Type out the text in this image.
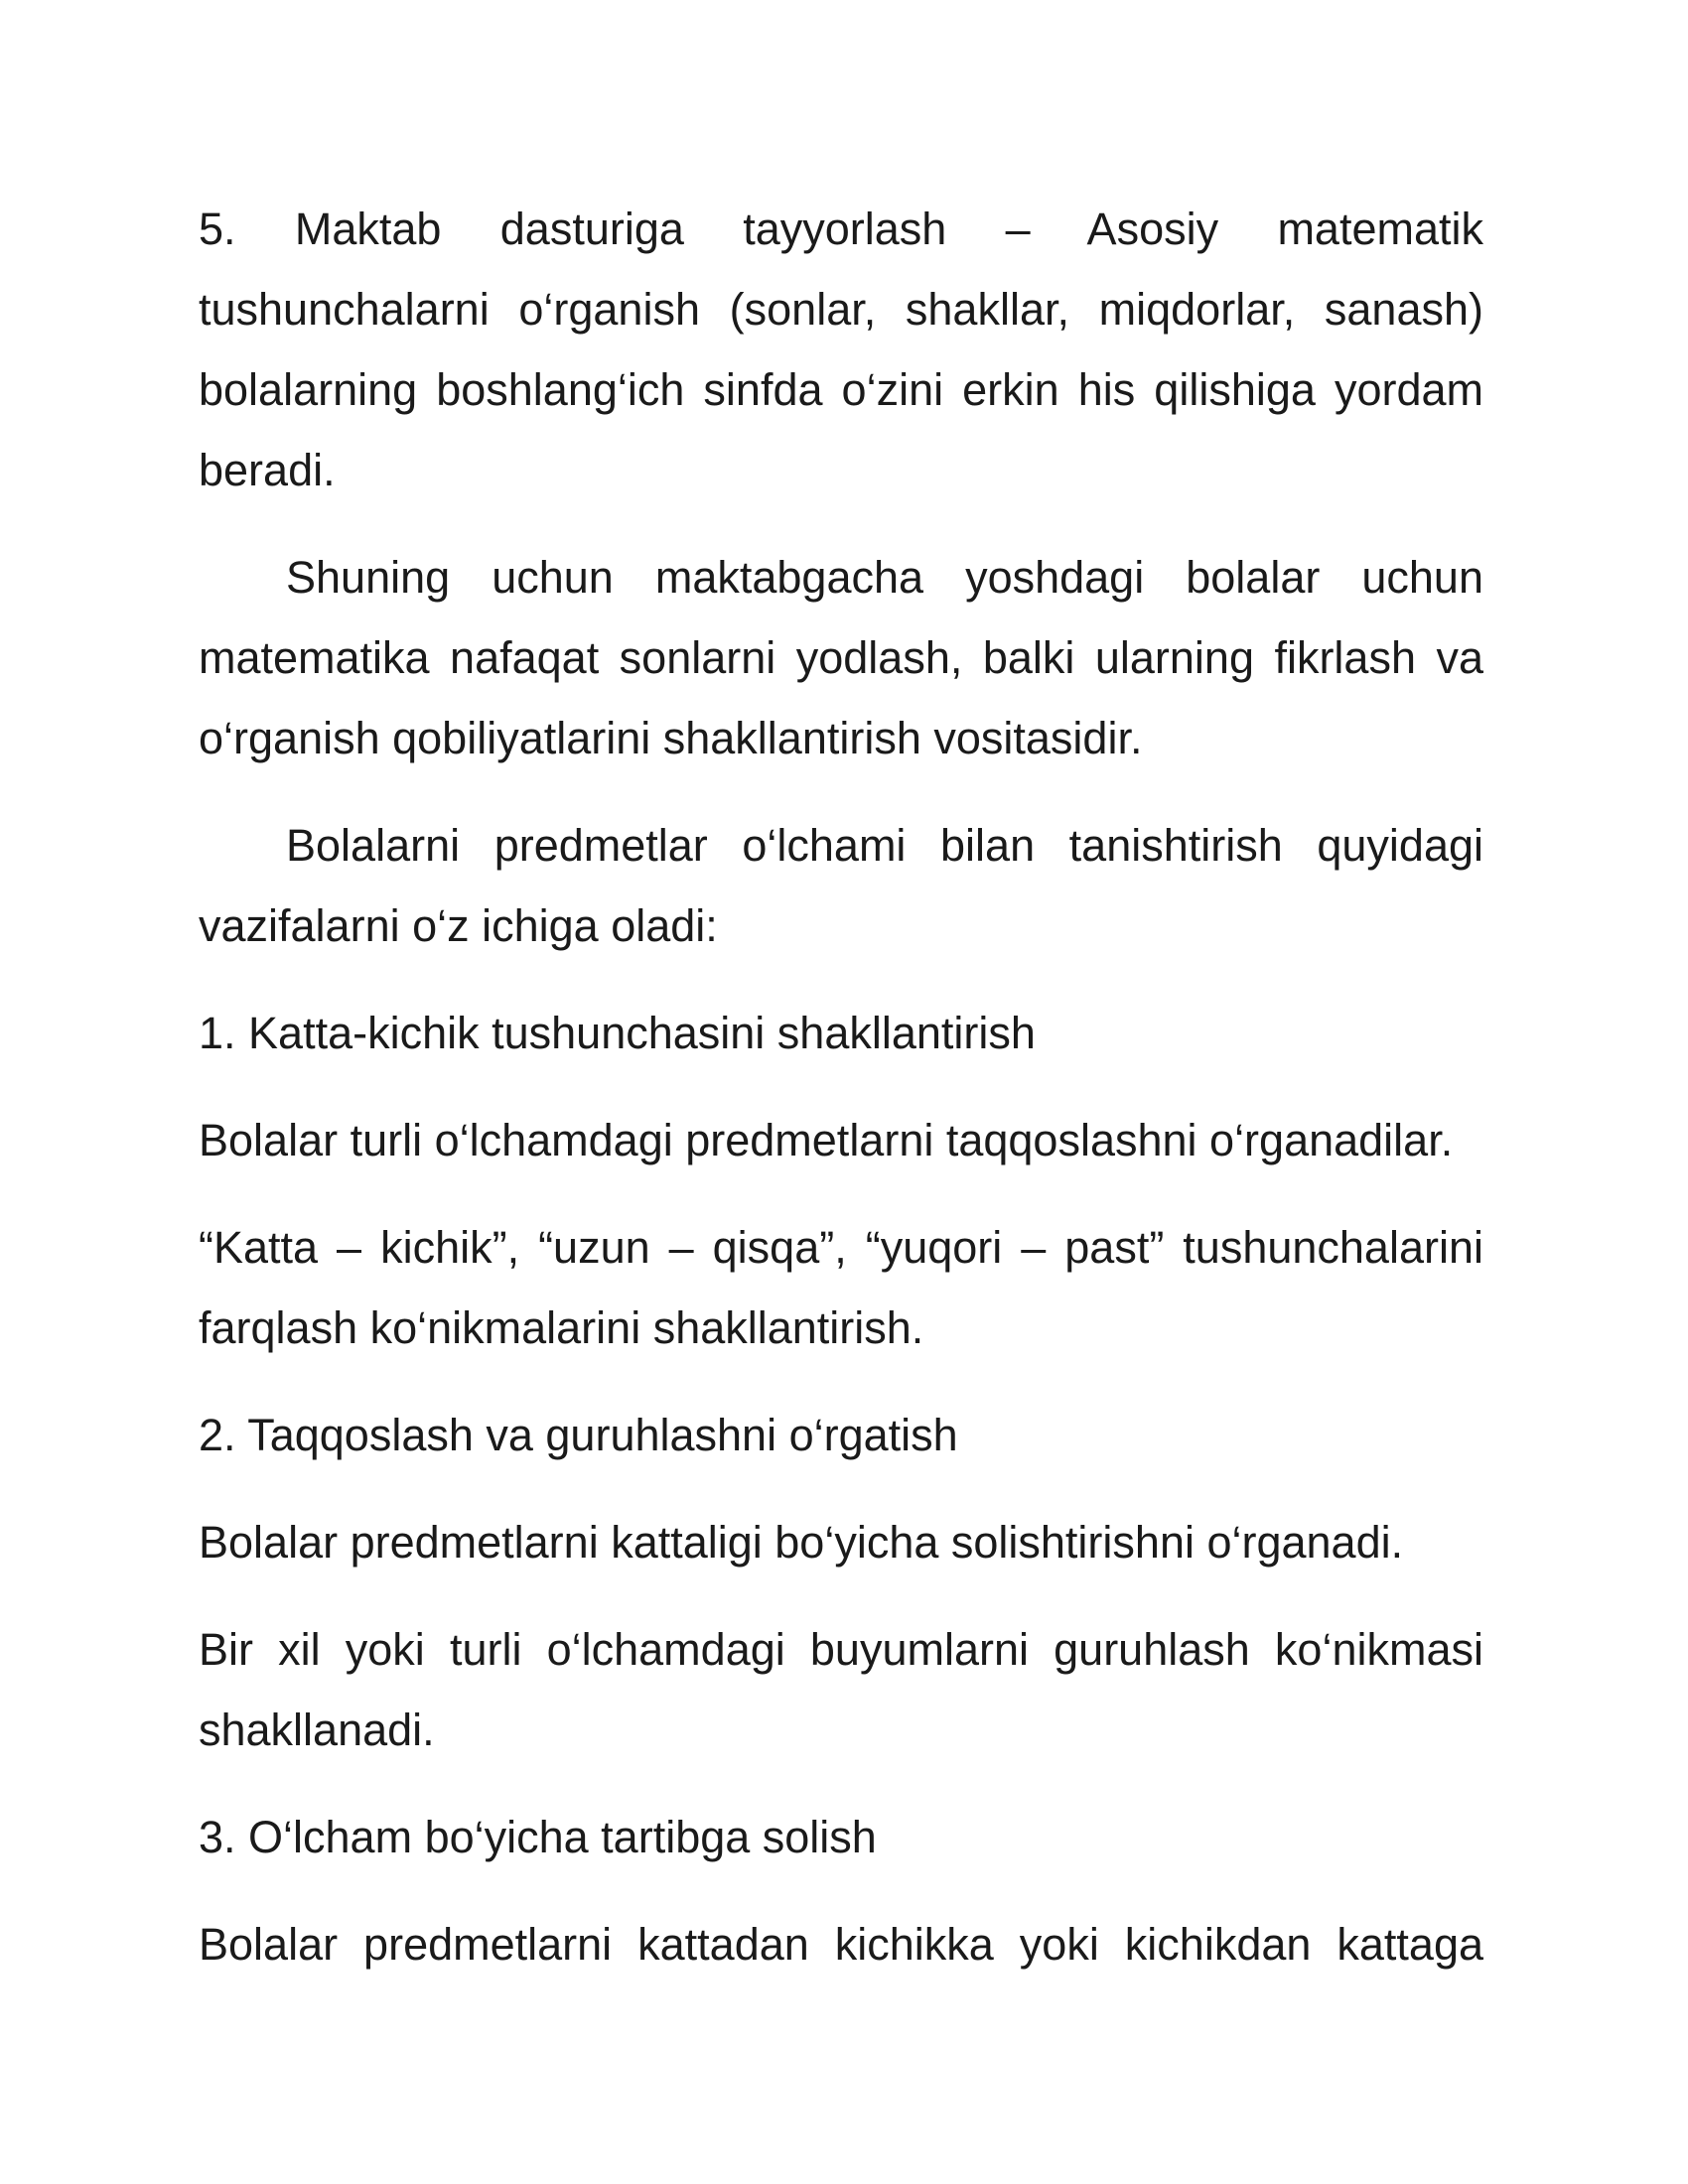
5. Maktab dasturiga tayyorlash – Asosiy matematik tushunchalarni o‘rganish (sonlar, shakllar, miqdorlar, sanash) bolalarning boshlang‘ich sinfda o‘zini erkin his qilishiga yordam beradi.

Shuning uchun maktabgacha yoshdagi bolalar uchun matematika nafaqat sonlarni yodlash, balki ularning fikrlash va o‘rganish qobiliyatlarini shakllantirish vositasidir.

Bolalarni predmetlar o‘lchami bilan tanishtirish quyidagi vazifalarni o‘z ichiga oladi:

1. Katta-kichik tushunchasini shakllantirish

Bolalar turli o‘lchamdagi predmetlarni taqqoslashni o‘rganadilar.

“Katta – kichik”, “uzun – qisqa”, “yuqori – past” tushunchalarini farqlash ko‘nikmalarini shakllantirish.

2. Taqqoslash va guruhlashni o‘rgatish

Bolalar predmetlarni kattaligi bo‘yicha solishtirishni o‘rganadi.

Bir xil yoki turli o‘lchamdagi buyumlarni guruhlash ko‘nikmasi shakllanadi.

3. O‘lcham bo‘yicha tartibga solish

Bolalar predmetlarni kattadan kichikka yoki kichikdan kattaga
